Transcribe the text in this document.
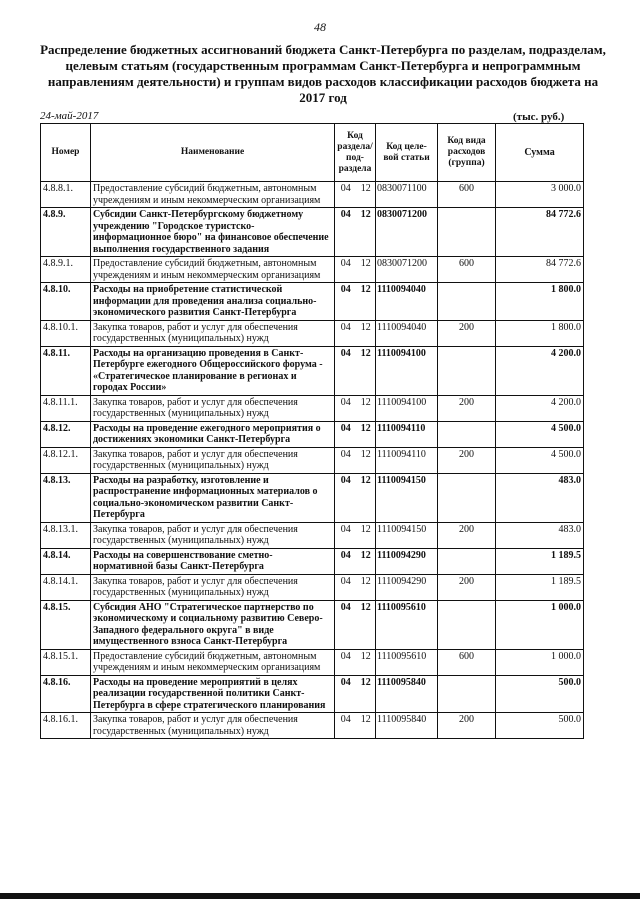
48
Распределение бюджетных ассигнований бюджета Санкт-Петербурга по разделам, подразделам, целевым статьям (государственным программам Санкт-Петербурга и непрограммным направлениям деятельности) и группам видов расходов классификации расходов бюджета на 2017 год
24-май-2017	(тыс. руб.)
Номер	Наименование	Код раздела/ под- раздела		Код целе- вой статьи	Код вида расходов (группа)	Сумма
4.8.8.1.	Предоставление субсидий бюджетным, автономным учреждениям и иным некоммерческим организациям	04	12	0830071100	600	3 000.0
4.8.9.	Субсидии Санкт-Петербургскому бюджетному учреждению "Городское туристско-информационное бюро" на финансовое обеспечение выполнения государственного задания	04	12	0830071200		84 772.6
4.8.9.1.	Предоставление субсидий бюджетным, автономным учреждениям и иным некоммерческим организациям	04	12	0830071200	600	84 772.6
4.8.10.	Расходы на приобретение статистической информации для проведения анализа социально-экономического развития Санкт-Петербурга	04	12	1110094040		1 800.0
4.8.10.1.	Закупка товаров, работ и услуг для обеспечения государственных (муниципальных) нужд	04	12	1110094040	200	1 800.0
4.8.11.	Расходы на организацию проведения в Санкт-Петербурге ежегодного Общероссийского форума - «Стратегическое планирование в регионах и городах России»	04	12	1110094100		4 200.0
4.8.11.1.	Закупка товаров, работ и услуг для обеспечения государственных (муниципальных) нужд	04	12	1110094100	200	4 200.0
4.8.12.	Расходы на проведение ежегодного мероприятия о достижениях экономики Санкт-Петербурга	04	12	1110094110		4 500.0
4.8.12.1.	Закупка товаров, работ и услуг для обеспечения государственных (муниципальных) нужд	04	12	1110094110	200	4 500.0
4.8.13.	Расходы на разработку, изготовление и распространение информационных материалов о социально-экономическом развитии Санкт-Петербурга	04	12	1110094150		483.0
4.8.13.1.	Закупка товаров, работ и услуг для обеспечения государственных (муниципальных) нужд	04	12	1110094150	200	483.0
4.8.14.	Расходы на совершенствование сметно-нормативной базы Санкт-Петербурга	04	12	1110094290		1 189.5
4.8.14.1.	Закупка товаров, работ и услуг для обеспечения государственных (муниципальных) нужд	04	12	1110094290	200	1 189.5
4.8.15.	Субсидия АНО "Стратегическое партнерство по экономическому и социальному развитию Северо-Западного федерального округа" в виде имущественного взноса Санкт-Петербурга	04	12	1110095610		1 000.0
4.8.15.1.	Предоставление субсидий бюджетным, автономным учреждениям и иным некоммерческим организациям	04	12	1110095610	600	1 000.0
4.8.16.	Расходы на проведение мероприятий в целях реализации государственной политики Санкт-Петербурга в сфере стратегического планирования	04	12	1110095840		500.0
4.8.16.1.	Закупка товаров, работ и услуг для обеспечения государственных (муниципальных) нужд	04	12	1110095840	200	500.0
